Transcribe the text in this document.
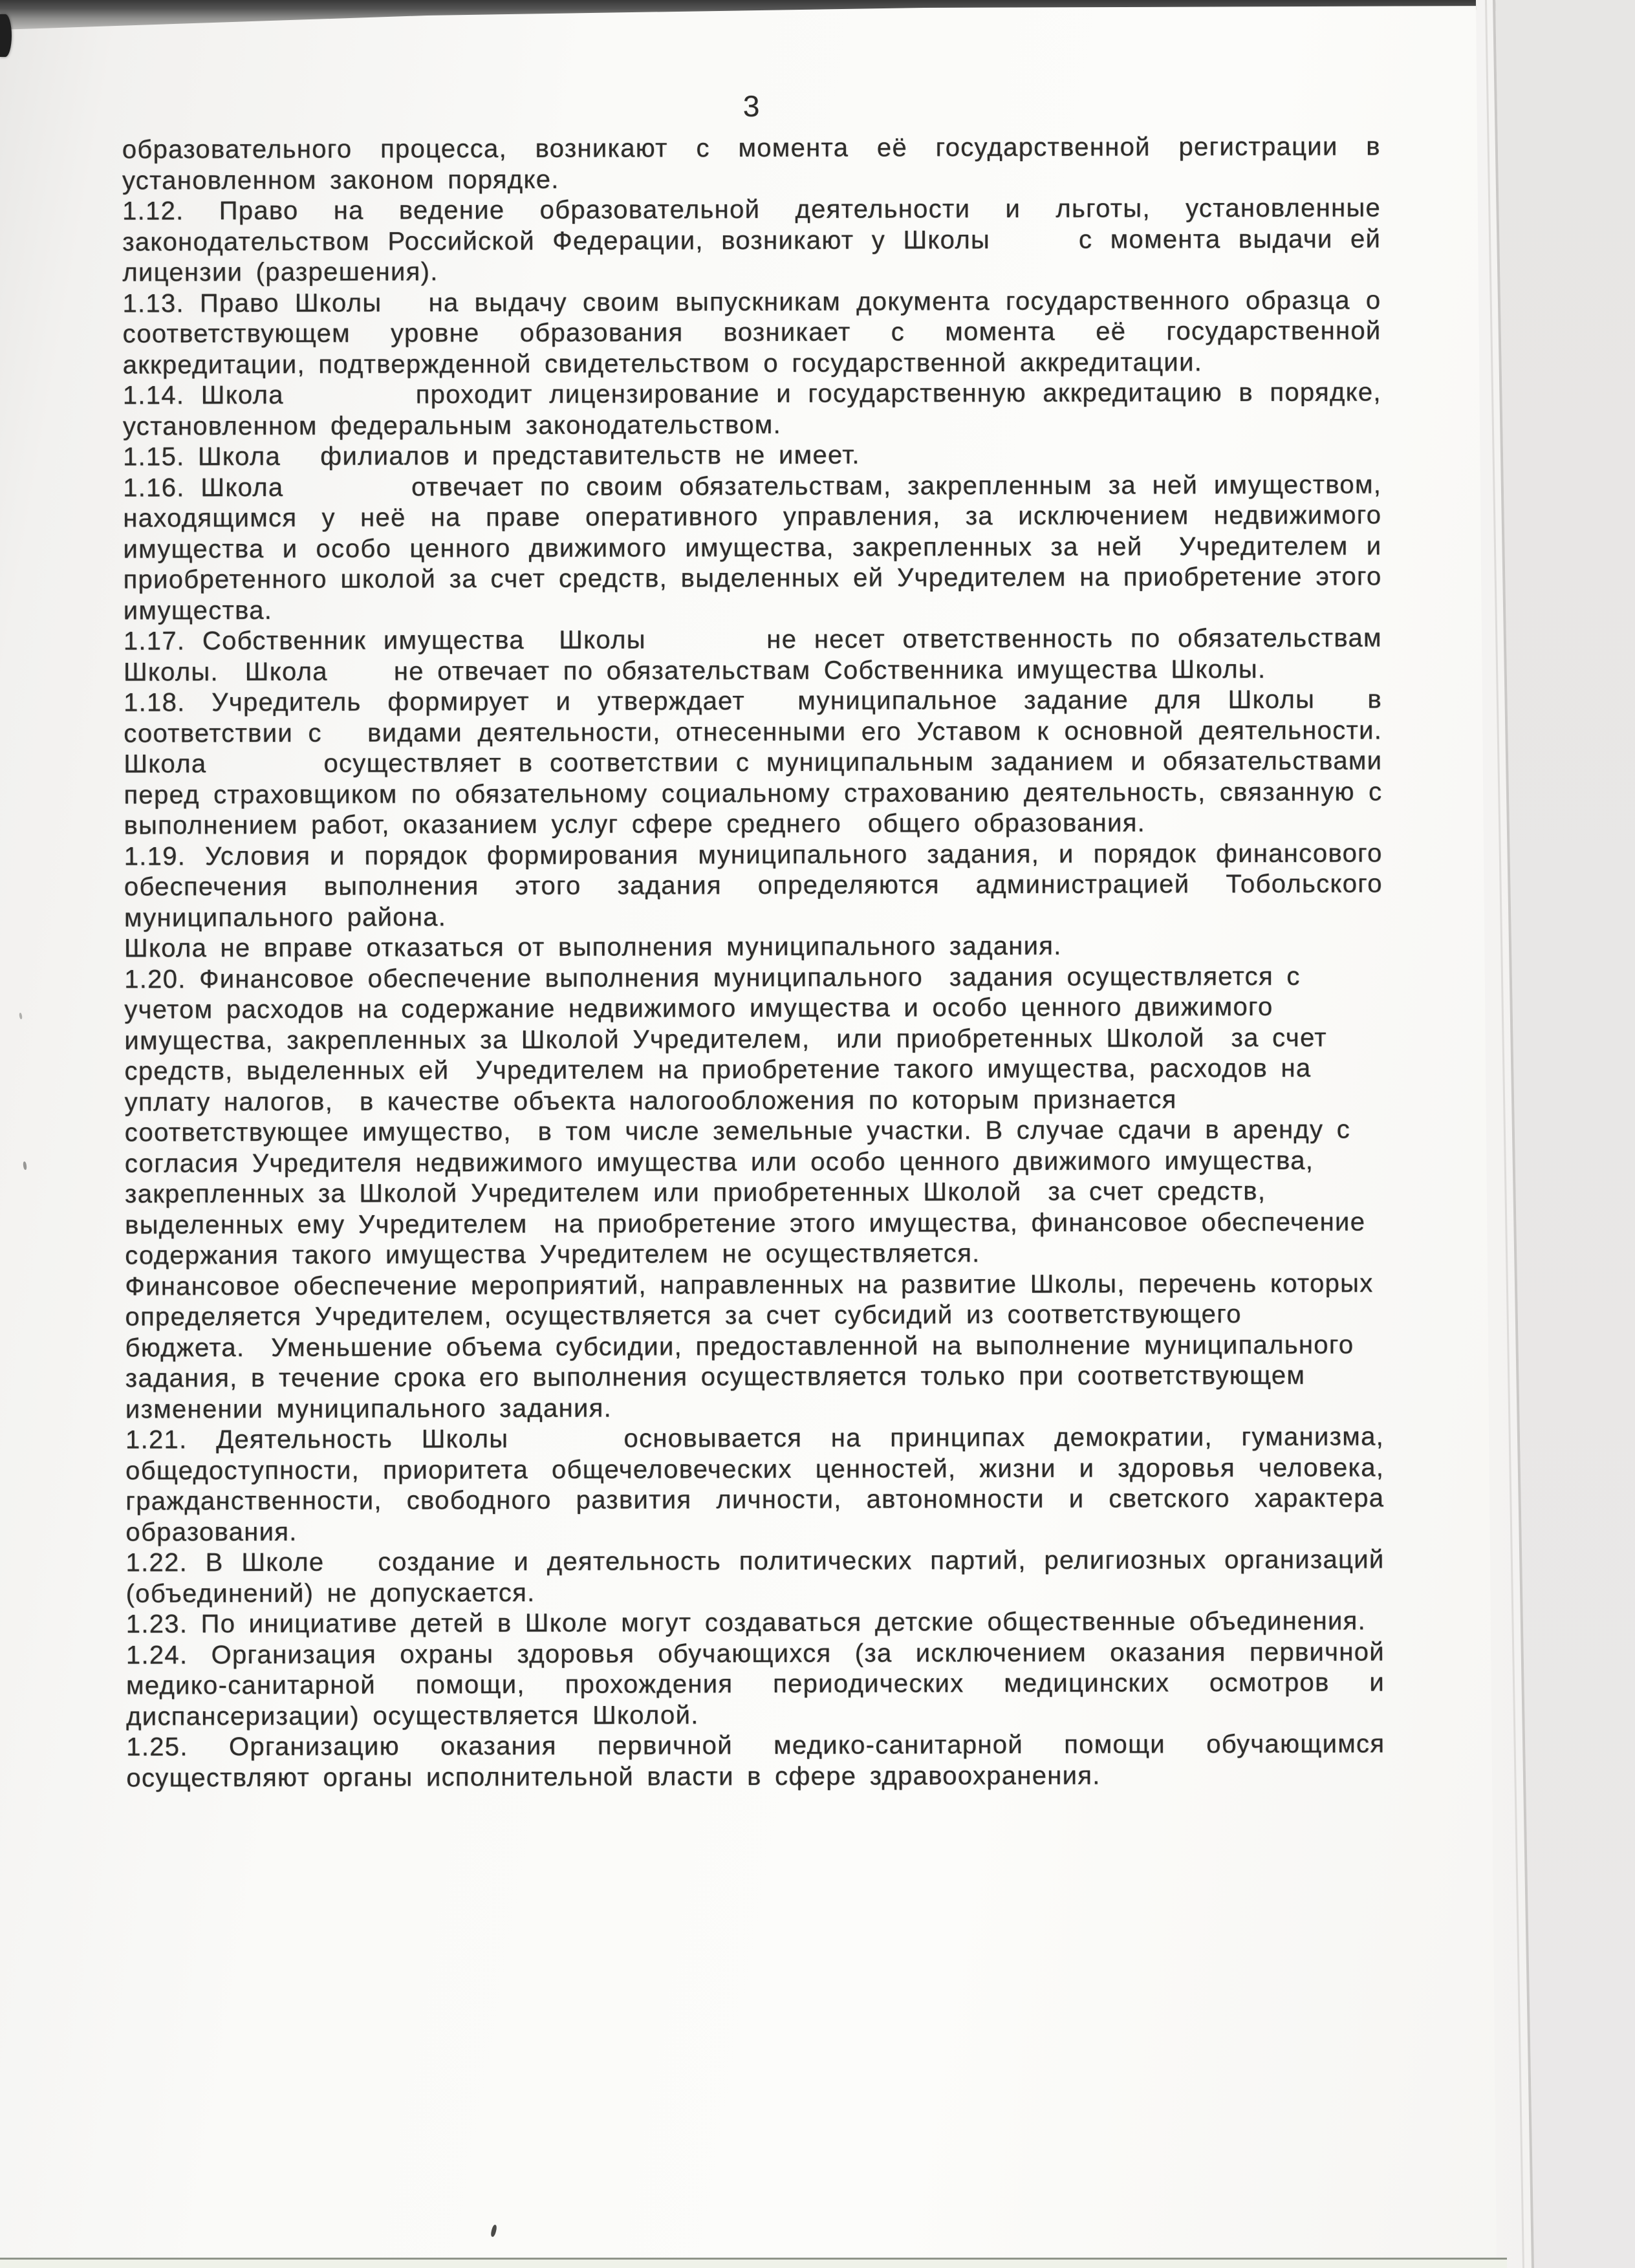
3

образовательного процесса, возникают с момента её государственной регистрации в установленном законом порядке.

1.12. Право на ведение образовательной деятельности и льготы, установленные законодательством Российской Федерации, возникают у Школы     с момента выдачи ей лицензии (разрешения).

1.13. Право Школы   на выдачу своим выпускникам документа государственного образца о соответствующем уровне образования возникает с момента её государственной аккредитации, подтвержденной свидетельством о государственной аккредитации.

1.14. Школа        проходит лицензирование и государственную аккредитацию в порядке, установленном федеральным законодательством.

1.15. Школа   филиалов и представительств не имеет.

1.16. Школа        отвечает по своим обязательствам, закрепленным за ней имуществом, находящимся у неё на праве оперативного управления, за исключением недвижимого имущества и особо ценного движимого имущества, закрепленных за ней  Учредителем и приобретенного школой за счет средств, выделенных ей Учредителем на приобретение этого имущества.

1.17. Собственник имущества  Школы       не несет ответственность по обязательствам Школы.  Школа     не отвечает по обязательствам Собственника имущества Школы.

1.18. Учредитель формирует и утверждает  муниципальное задание для Школы  в соответствии с   видами деятельности, отнесенными его Уставом к основной деятельности. Школа       осуществляет в соответствии с муниципальным заданием и обязательствами перед страховщиком по обязательному социальному страхованию деятельность, связанную с выполнением работ, оказанием услуг сфере среднего  общего образования.

1.19. Условия и порядок формирования муниципального задания, и порядок финансового обеспечения выполнения этого задания определяются администрацией Тобольского муниципального района.

Школа не вправе отказаться от выполнения муниципального задания.

1.20. Финансовое обеспечение выполнения муниципального  задания осуществляется с учетом расходов на содержание недвижимого имущества и особо ценного движимого имущества, закрепленных за Школой Учредителем,  или приобретенных Школой  за счет средств, выделенных ей  Учредителем на приобретение такого имущества, расходов на уплату налогов,  в качестве объекта налогообложения по которым признается соответствующее имущество,  в том числе земельные участки. В случае сдачи в аренду с согласия Учредителя недвижимого имущества или особо ценного движимого имущества, закрепленных за Школой Учредителем или приобретенных Школой  за счет средств, выделенных ему Учредителем  на приобретение этого имущества, финансовое обеспечение содержания такого имущества Учредителем не осуществляется.

Финансовое обеспечение мероприятий, направленных на развитие Школы, перечень которых определяется Учредителем, осуществляется за счет субсидий из соответствующего бюджета.  Уменьшение объема субсидии, предоставленной на выполнение муниципального задания, в течение срока его выполнения осуществляется только при соответствующем изменении муниципального задания.

1.21. Деятельность Школы    основывается на принципах демократии, гуманизма, общедоступности, приоритета общечеловеческих ценностей, жизни и здоровья человека, гражданственности, свободного развития личности, автономности и светского характера образования.

1.22. В Школе   создание и деятельность политических партий, религиозных организаций (объединений) не допускается.

1.23. По инициативе детей в Школе могут создаваться детские общественные объединения.

1.24. Организация охраны здоровья обучающихся (за исключением оказания первичной медико-санитарной помощи, прохождения периодических медицинских осмотров и диспансеризации) осуществляется Школой.

1.25. Организацию оказания первичной медико-санитарной помощи обучающимся осуществляют органы исполнительной власти в сфере здравоохранения.
